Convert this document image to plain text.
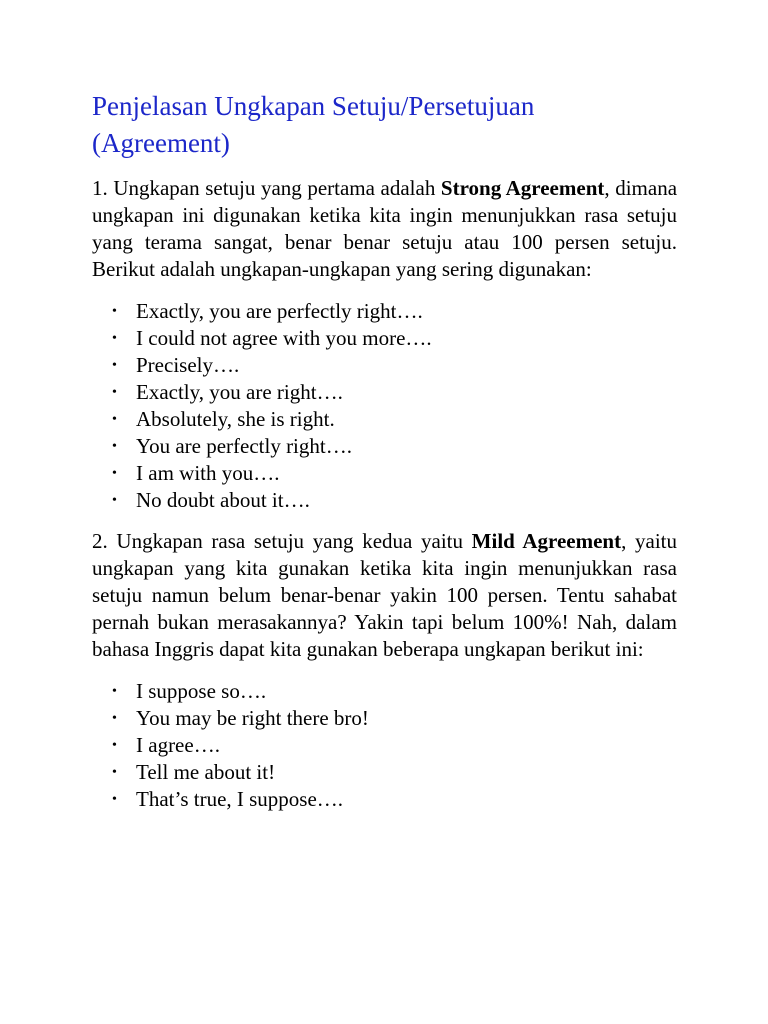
Penjelasan Ungkapan Setuju/Persetujuan (Agreement)

1. Ungkapan setuju yang pertama adalah Strong Agreement, dimana ungkapan ini digunakan ketika kita ingin menunjukkan rasa setuju yang terama sangat, benar benar setuju atau 100 persen setuju. Berikut adalah ungkapan-ungkapan yang sering digunakan:

• Exactly, you are perfectly right….
• I could not agree with you more….
• Precisely….
• Exactly, you are right….
• Absolutely, she is right.
• You are perfectly right….
• I am with you….
• No doubt about it….

2. Ungkapan rasa setuju yang kedua yaitu Mild Agreement, yaitu ungkapan yang kita gunakan ketika kita ingin menunjukkan rasa setuju namun belum benar-benar yakin 100 persen. Tentu sahabat pernah bukan merasakannya? Yakin tapi belum 100%! Nah, dalam bahasa Inggris dapat kita gunakan beberapa ungkapan berikut ini:

• I suppose so….
• You may be right there bro!
• I agree….
• Tell me about it!
• That’s true, I suppose….
